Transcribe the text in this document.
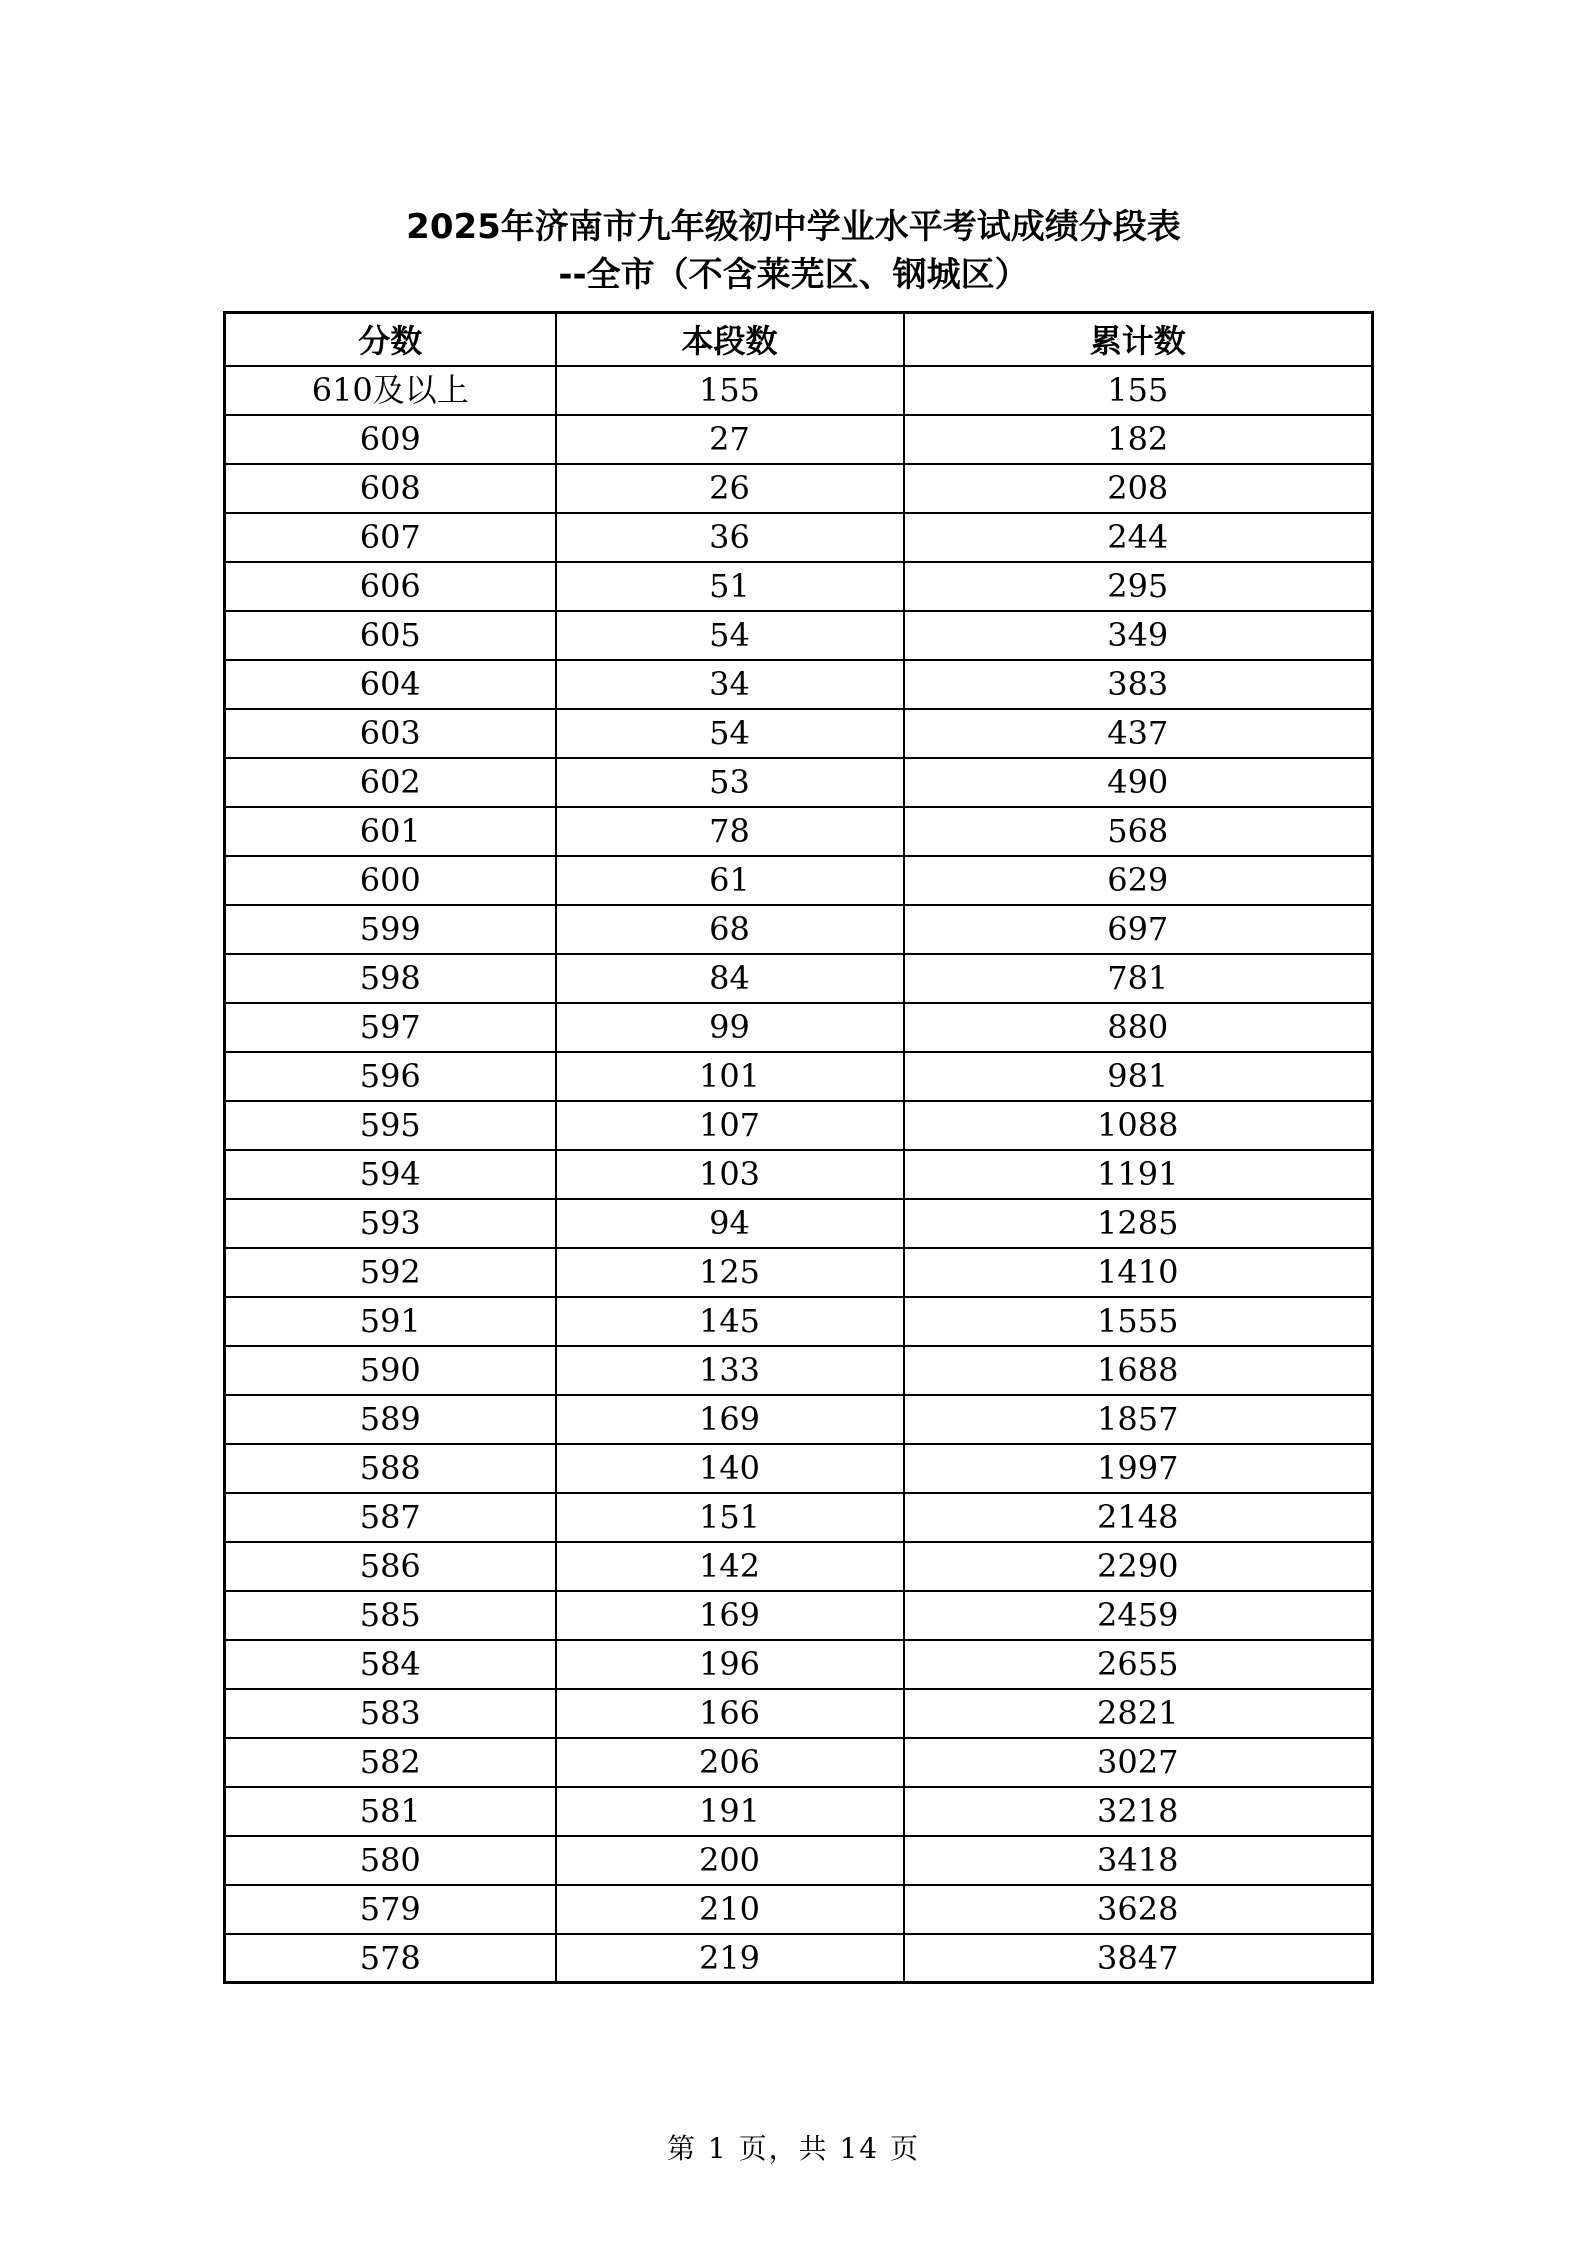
2025年济南市九年级初中学业水平考试成绩分段表
--全市（不含莱芜区、钢城区）
分数	本段数	累计数
610及以上	155	155
609	27	182
608	26	208
607	36	244
606	51	295
605	54	349
604	34	383
603	54	437
602	53	490
601	78	568
600	61	629
599	68	697
598	84	781
597	99	880
596	101	981
595	107	1088
594	103	1191
593	94	1285
592	125	1410
591	145	1555
590	133	1688
589	169	1857
588	140	1997
587	151	2148
586	142	2290
585	169	2459
584	196	2655
583	166	2821
582	206	3027
581	191	3218
580	200	3418
579	210	3628
578	219	3847
第 1 页，共 14 页
